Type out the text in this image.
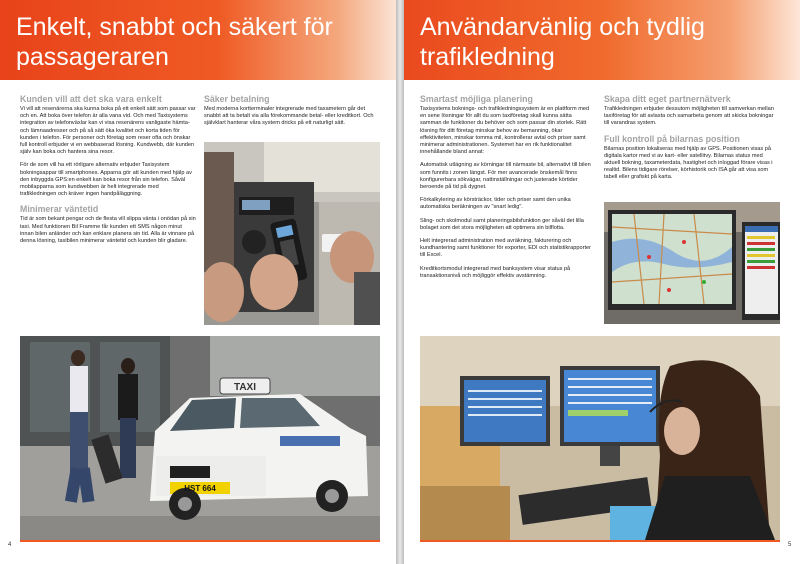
Enkelt, snabbt och säkert för passageraren
Kunden vill att det ska vara enkelt

Vi vill att resenärerna ska kunna boka på ett enkelt sätt som passar var och en. Att boka över telefon är alla vana vid. Och med Taxisystems integration av telefonväxlar kan vi visa resenärens vanligaste hämta- och lämnaadresser och på så sätt öka kvalitet och korta tiden för kunden i telefon. För personer och företag som reser ofta och önskar full kontroll erbjuder vi en webbaserad lösning. Kundwebb, där kunden själv kan boka och hantera sina resor.

För de som vill ha ett rörligare alternativ erbjuder Taxisystem bokningsappar till smartphones. Apparna gör att kunden med hjälp av den inbyggda GPS:en enkelt kan boka resor från sin telefon. Såväl mobilapparna som kundwebben är helt integrerade med trafikledningen och kräver ingen handpåläggning.

Minimerar väntetid

Tid är som bekant pengar och de flesta vill slippa vänta i onödan på sin taxi. Med funktionen Bil Framme får kunden ett SMS någon minut innan bilen anländer och kan enklare planera sin tid. Alla är vinnare på denna lösning, taxibilen minimerar väntetid och kunden blir gladare.

Säker betalning

Med moderna kortterminaler integrerade med taxametern går det snabbt att ta betalt via alla förekommande betal- eller kreditkort. Och självklart hanterar våra system dricks på ett naturligt sätt.

TAXI
HST 664
4
Användarvänlig och tydlig trafikledning
Smartast möjliga planering

Taxisystems boknings- och trafikledningssystem är en plattform med en sene lösningar för allt du som taxiföretag skall kunna sätta samman de funktioner du behöver och som passar din storlek. Rätt lösning för ditt företag minskar behov av bemanning, ökar effektiviteten, minskar tomma mil, kontrollerar avtal och priser samt minimerar administrationen. Systemet har en rik funktionalitet innehållande bland annat:

Automatisk utlägning av körningar till närmaste bil, alternativt till bilen som funnits i zonen längst. För mer avancerade önskemål finns konfigurerbara sökvägar, nattinställningar och justerade körtider beroende på tid på dygnet.

Förkalkylering av körsträckor, tider och priser samt den unika automatiska beräkningen av "snart ledig".

Sling- och skolmodul samt planeringsbilsfunktion ger såväl det lilla bolaget som det stora möjligheten att optimera sin bilflotta.

Helt integrerad administration med avräkning, fakturering och kundhantering samt funktioner för exporter, EDI och statistikrapporter till Excel.

Kreditkortsmodul integrerad med banksystem visar status på transaktionsnivå och möjliggör effektiv avstämning.

Skapa ditt eget partnernätverk

Trafikledningen erbjuder dessutom möjligheten till samverkan mellan taxiföretag för att avlasta och samarbeta genom att skicka bokningar till varandras system.

Full kontroll på bilarnas position

Bilarnas position lokaliseras med hjälp av GPS. Positionen visas på digitala kartor med vi av kart- eller satellitvy. Bilarnas status med aktuell bokning, taxameterdata, hastighet och inloggad förare visas i realtid. Bilens tidigare rörelser, körhistorik och ISA går att visa som tabell eller grafiskt på karta.

5
